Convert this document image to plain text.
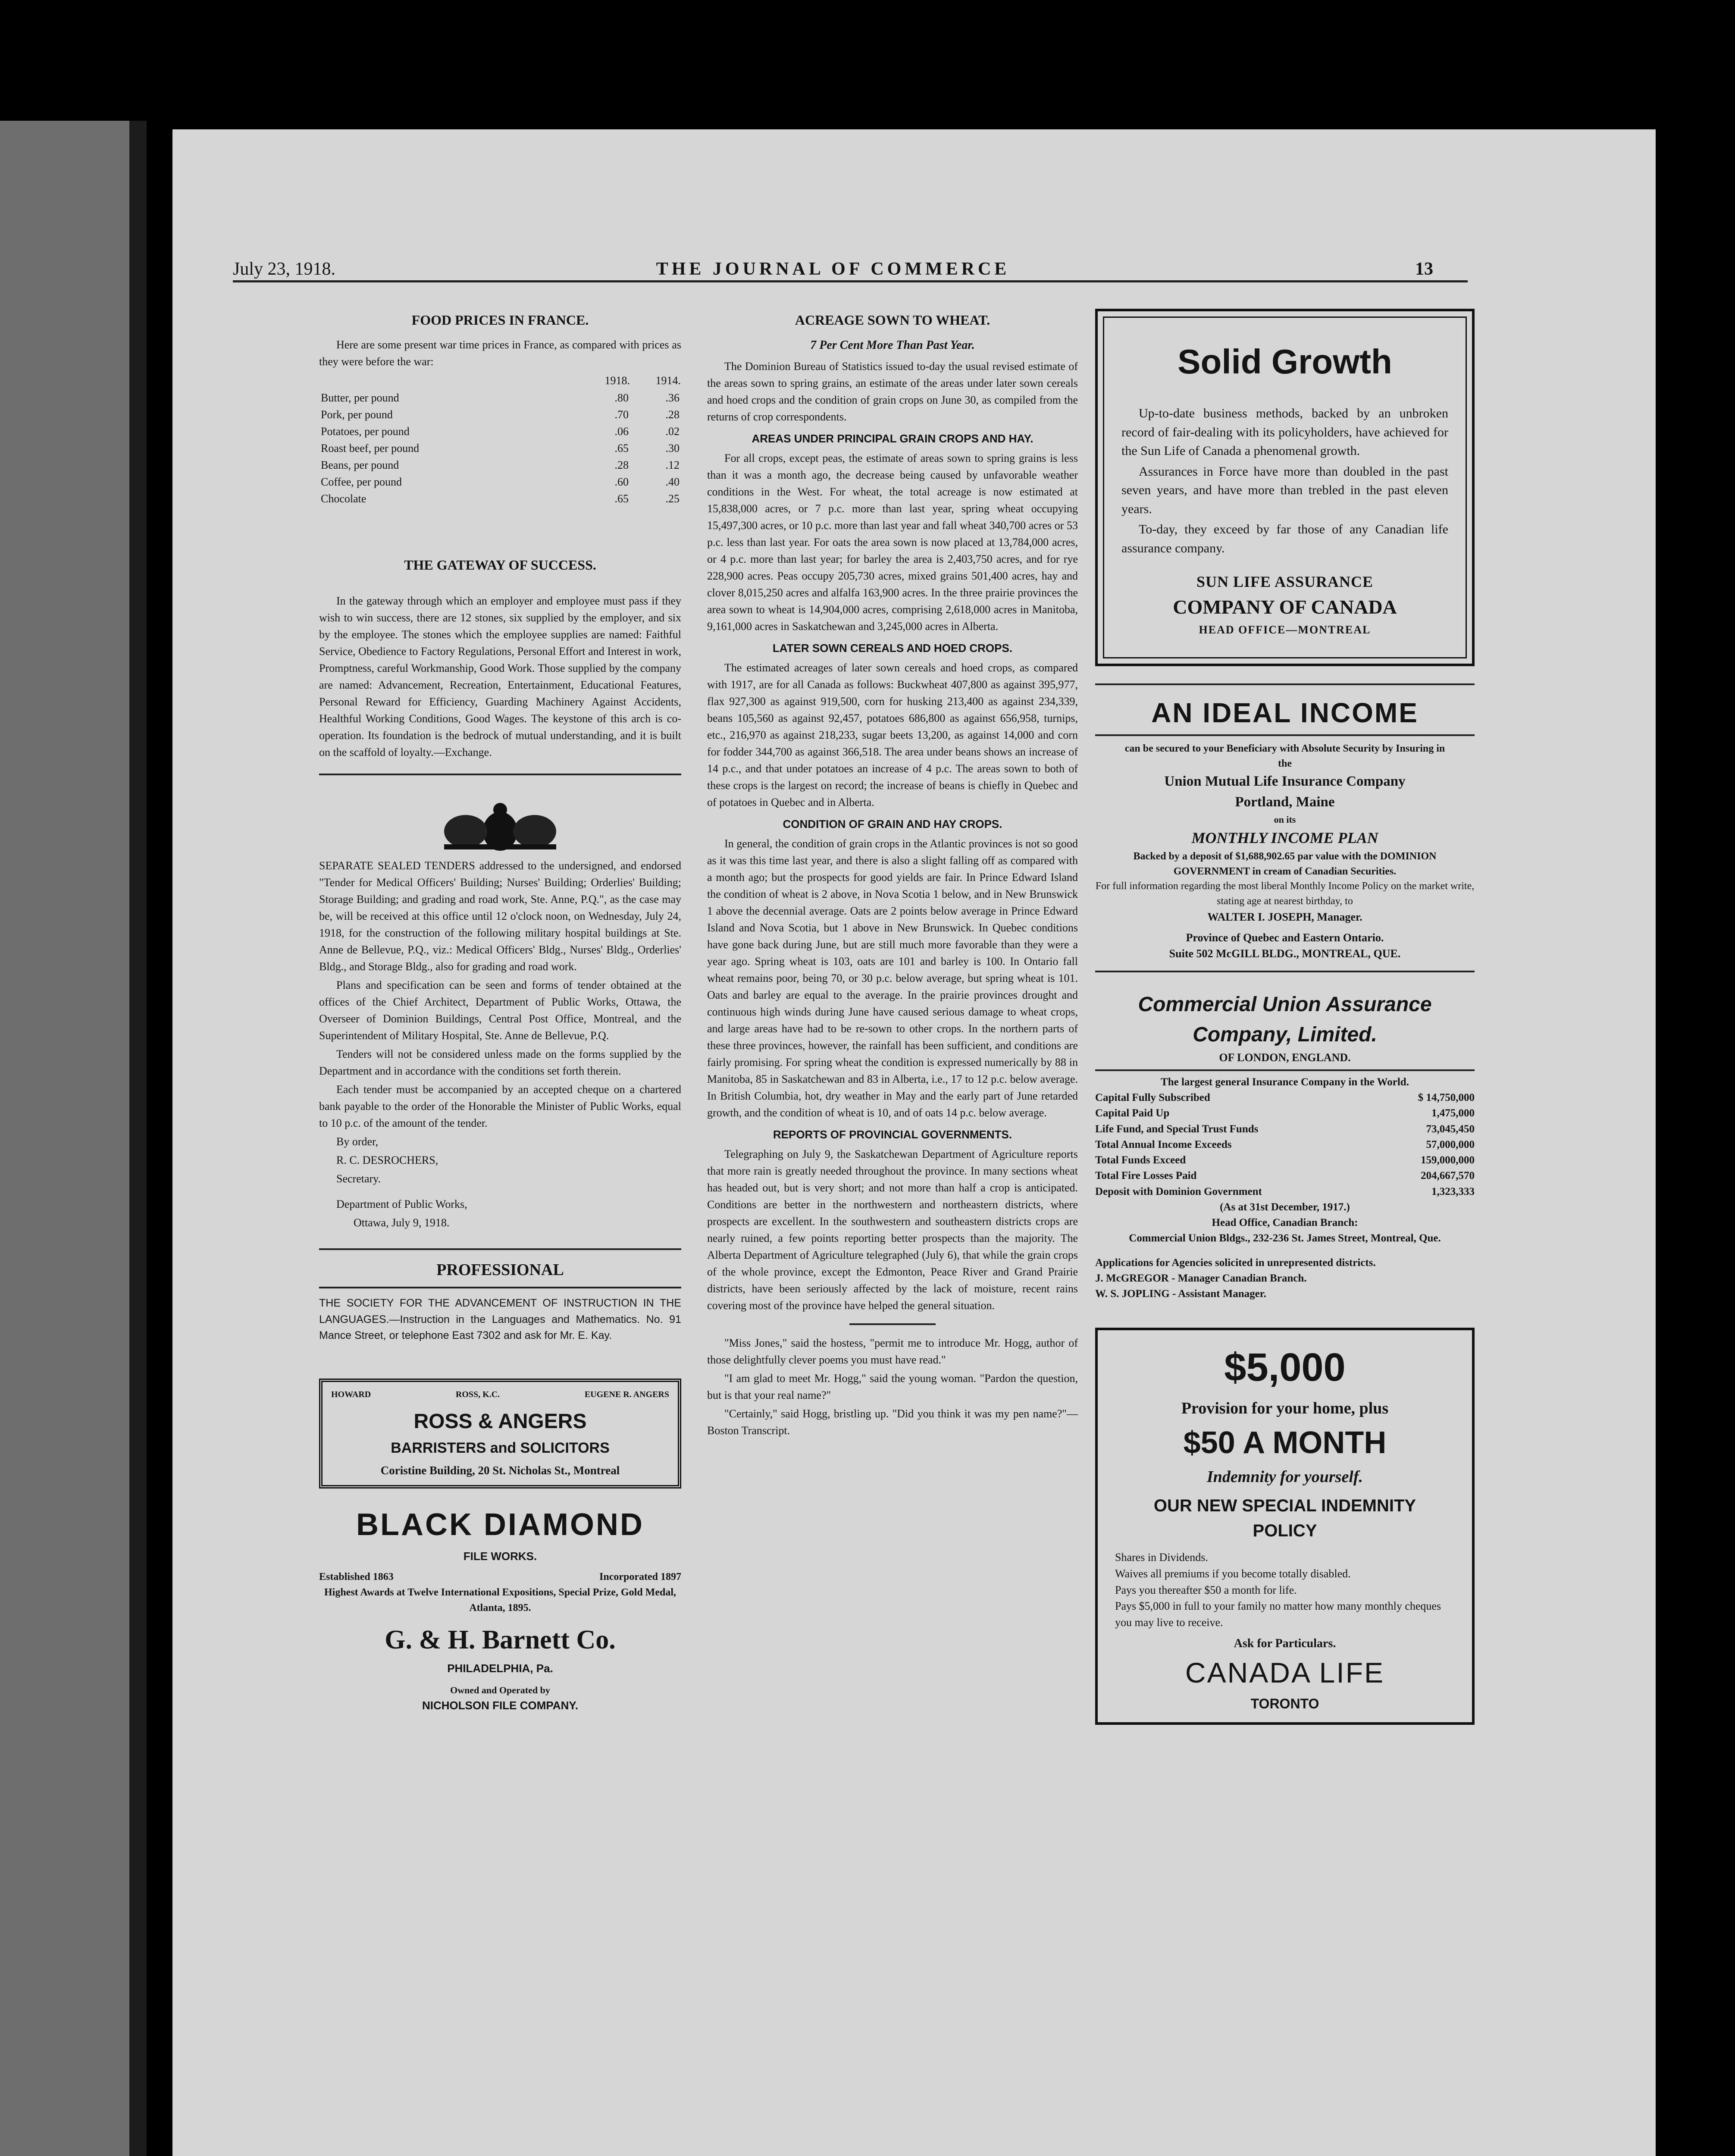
July 23, 1918.	THE JOURNAL OF COMMERCE	13
FOOD PRICES IN FRANCE.

Here are some present war time prices in France, as compared with prices as they were before the war:

	1918.	1914.
Butter, per pound	.80	.36
Pork, per pound	.70	.28
Potatoes, per pound	.06	.02
Roast beef, per pound	.65	.30
Beans, per pound	.28	.12
Coffee, per pound	.60	.40
Chocolate	.65	.25
THE GATEWAY OF SUCCESS.

In the gateway through which an employer and employee must pass if they wish to win success, there are 12 stones, six supplied by the employer, and six by the employee. The stones which the employee supplies are named: Faithful Service, Obedience to Factory Regulations, Personal Effort and Interest in work, Promptness, careful Workmanship, Good Work. Those supplied by the company are named: Advancement, Recreation, Entertainment, Educational Features, Personal Reward for Efficiency, Guarding Machinery Against Accidents, Healthful Working Conditions, Good Wages. The keystone of this arch is co-operation. Its foundation is the bedrock of mutual understanding, and it is built on the scaffold of loyalty.—Exchange.

SEPARATE SEALED TENDERS addressed to the undersigned, and endorsed "Tender for Medical Officers' Building; Nurses' Building; Orderlies' Building; Storage Building; and grading and road work, Ste. Anne, P.Q.", as the case may be, will be received at this office until 12 o'clock noon, on Wednesday, July 24, 1918, for the construction of the following military hospital buildings at Ste. Anne de Bellevue, P.Q., viz.: Medical Officers' Bldg., Nurses' Bldg., Orderlies' Bldg., and Storage Bldg., also for grading and road work.

Plans and specification can be seen and forms of tender obtained at the offices of the Chief Architect, Department of Public Works, Ottawa, the Overseer of Dominion Buildings, Central Post Office, Montreal, and the Superintendent of Military Hospital, Ste. Anne de Bellevue, P.Q.

Tenders will not be considered unless made on the forms supplied by the Department and in accordance with the conditions set forth therein.

Each tender must be accompanied by an accepted cheque on a chartered bank payable to the order of the Honorable the Minister of Public Works, equal to 10 p.c. of the amount of the tender.

By order,

R. C. DESROCHERS,

Secretary.

Department of Public Works,

Ottawa, July 9, 1918.

PROFESSIONAL

THE SOCIETY FOR THE ADVANCEMENT OF INSTRUCTION IN THE LANGUAGES.—Instruction in the Languages and Mathematics. No. 91 Mance Street, or telephone East 7302 and ask for Mr. E. Kay.

HOWARD	ROSS, K.C.	EUGENE R. ANGERS
ROSS & ANGERS
BARRISTERS and SOLICITORS
Coristine Building, 20 St. Nicholas St., Montreal
BLACK DIAMOND
FILE WORKS.
Established 1863	Incorporated 1897
Highest Awards at Twelve International Expositions, Special Prize, Gold Medal, Atlanta, 1895.
G. & H. Barnett Co.
PHILADELPHIA, Pa.
Owned and Operated by
NICHOLSON FILE COMPANY.
ACREAGE SOWN TO WHEAT.
7 Per Cent More Than Past Year.

The Dominion Bureau of Statistics issued to-day the usual revised estimate of the areas sown to spring grains, an estimate of the areas under later sown cereals and hoed crops and the condition of grain crops on June 30, as compiled from the returns of crop correspondents.

AREAS UNDER PRINCIPAL GRAIN CROPS AND HAY.

For all crops, except peas, the estimate of areas sown to spring grains is less than it was a month ago, the decrease being caused by unfavorable weather conditions in the West. For wheat, the total acreage is now estimated at 15,838,000 acres, or 7 p.c. more than last year, spring wheat occupying 15,497,300 acres, or 10 p.c. more than last year and fall wheat 340,700 acres or 53 p.c. less than last year. For oats the area sown is now placed at 13,784,000 acres, or 4 p.c. more than last year; for barley the area is 2,403,750 acres, and for rye 228,900 acres. Peas occupy 205,730 acres, mixed grains 501,400 acres, hay and clover 8,015,250 acres and alfalfa 163,900 acres. In the three prairie provinces the area sown to wheat is 14,904,000 acres, comprising 2,618,000 acres in Manitoba, 9,161,000 acres in Saskatchewan and 3,245,000 acres in Alberta.

LATER SOWN CEREALS AND HOED CROPS.

The estimated acreages of later sown cereals and hoed crops, as compared with 1917, are for all Canada as follows: Buckwheat 407,800 as against 395,977, flax 927,300 as against 919,500, corn for husking 213,400 as against 234,339, beans 105,560 as against 92,457, potatoes 686,800 as against 656,958, turnips, etc., 216,970 as against 218,233, sugar beets 13,200, as against 14,000 and corn for fodder 344,700 as against 366,518. The area under beans shows an increase of 14 p.c., and that under potatoes an increase of 4 p.c. The areas sown to both of these crops is the largest on record; the increase of beans is chiefly in Quebec and of potatoes in Quebec and in Alberta.

CONDITION OF GRAIN AND HAY CROPS.

In general, the condition of grain crops in the Atlantic provinces is not so good as it was this time last year, and there is also a slight falling off as compared with a month ago; but the prospects for good yields are fair. In Prince Edward Island the condition of wheat is 2 above, in Nova Scotia 1 below, and in New Brunswick 1 above the decennial average. Oats are 2 points below average in Prince Edward Island and Nova Scotia, but 1 above in New Brunswick. In Quebec conditions have gone back during June, but are still much more favorable than they were a year ago. Spring wheat is 103, oats are 101 and barley is 100. In Ontario fall wheat remains poor, being 70, or 30 p.c. below average, but spring wheat is 101. Oats and barley are equal to the average. In the prairie provinces drought and continuous high winds during June have caused serious damage to wheat crops, and large areas have had to be re-sown to other crops. In the northern parts of these three provinces, however, the rainfall has been sufficient, and conditions are fairly promising. For spring wheat the condition is expressed numerically by 88 in Manitoba, 85 in Saskatchewan and 83 in Alberta, i.e., 17 to 12 p.c. below average. In British Columbia, hot, dry weather in May and the early part of June retarded growth, and the condition of wheat is 10, and of oats 14 p.c. below average.

REPORTS OF PROVINCIAL GOVERNMENTS.

Telegraphing on July 9, the Saskatchewan Department of Agriculture reports that more rain is greatly needed throughout the province. In many sections wheat has headed out, but is very short; and not more than half a crop is anticipated. Conditions are better in the northwestern and northeastern districts, where prospects are excellent. In the southwestern and southeastern districts crops are nearly ruined, a few points reporting better prospects than the majority. The Alberta Department of Agriculture telegraphed (July 6), that while the grain crops of the whole province, except the Edmonton, Peace River and Grand Prairie districts, have been seriously affected by the lack of moisture, recent rains covering most of the province have helped the general situation.

"Miss Jones," said the hostess, "permit me to introduce Mr. Hogg, author of those delightfully clever poems you must have read."

"I am glad to meet Mr. Hogg," said the young woman. "Pardon the question, but is that your real name?"

"Certainly," said Hogg, bristling up. "Did you think it was my pen name?"—Boston Transcript.

Solid Growth

Up-to-date business methods, backed by an unbroken record of fair-dealing with its policyholders, have achieved for the Sun Life of Canada a phenomenal growth.

Assurances in Force have more than doubled in the past seven years, and have more than trebled in the past eleven years.

To-day, they exceed by far those of any Canadian life assurance company.

SUN LIFE ASSURANCE
COMPANY OF CANADA
HEAD OFFICE—MONTREAL
AN IDEAL INCOME
can be secured to your Beneficiary with Absolute Security by Insuring in the
Union Mutual Life Insurance Company
Portland, Maine
on its
MONTHLY INCOME PLAN
Backed by a deposit of $1,688,902.65 par value with the DOMINION GOVERNMENT in cream of Canadian Securities.
For full information regarding the most liberal Monthly Income Policy on the market write, stating age at nearest birthday, to
WALTER I. JOSEPH, Manager.
Province of Quebec and Eastern Ontario.
Suite 502 McGILL BLDG., MONTREAL, QUE.
Commercial Union Assurance
Company, Limited.
OF LONDON, ENGLAND.
The largest general Insurance Company in the World.
Capital Fully Subscribed	$ 14,750,000
Capital Paid Up	1,475,000
Life Fund, and Special Trust Funds	73,045,450
Total Annual Income Exceeds	57,000,000
Total Funds Exceed	159,000,000
Total Fire Losses Paid	204,667,570
Deposit with Dominion Government	1,323,333
(As at 31st December, 1917.)
Head Office, Canadian Branch:
Commercial Union Bldgs., 232-236 St. James Street, Montreal, Que.
Applications for Agencies solicited in unrepresented districts.
J. McGREGOR - Manager Canadian Branch.
W. S. JOPLING - Assistant Manager.
$5,000
Provision for your home, plus
$50 A MONTH
Indemnity for yourself.
OUR NEW SPECIAL INDEMNITY
POLICY
Shares in Dividends.
Waives all premiums if you become totally disabled.
Pays you thereafter $50 a month for life.
Pays $5,000 in full to your family no matter how many monthly cheques you may live to receive.
Ask for Particulars.
CANADA LIFE
TORONTO
